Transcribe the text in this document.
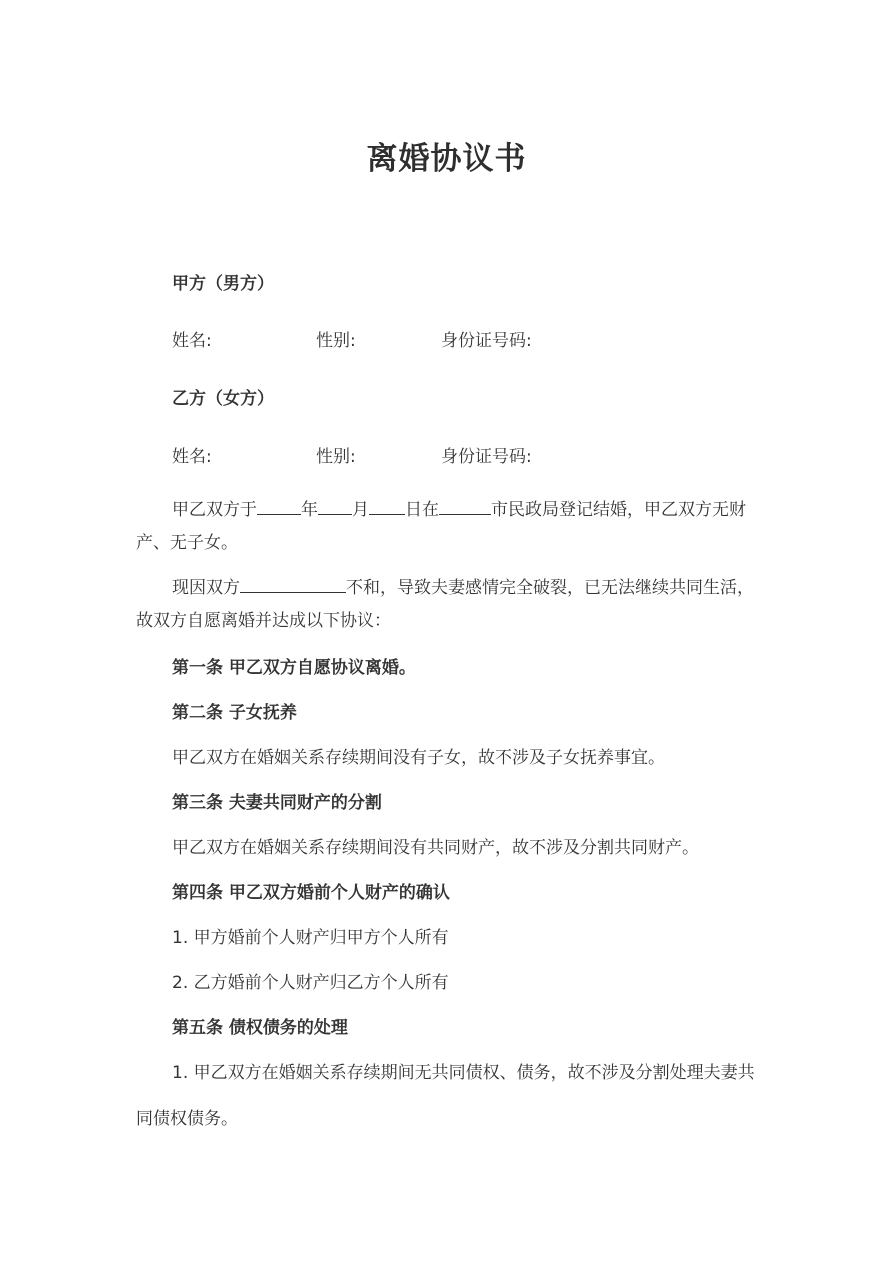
离婚协议书
甲方（男方）
姓名:	性别:	身份证号码:
乙方（女方）
姓名:	性别:	身份证号码:
甲乙双方于	年 月 日在	市民政局登记结婚，甲乙双方无财产、无子女。
现因双方	不和，导致夫妻感情完全破裂，已无法继续共同生活，故双方自愿离婚并达成以下协议：
第一条 甲乙双方自愿协议离婚。
第二条 子女抚养
甲乙双方在婚姻关系存续期间没有子女，故不涉及子女抚养事宜。
第三条 夫妻共同财产的分割
甲乙双方在婚姻关系存续期间没有共同财产，故不涉及分割共同财产。
第四条 甲乙双方婚前个人财产的确认
1. 甲方婚前个人财产归甲方个人所有
2. 乙方婚前个人财产归乙方个人所有
第五条 债权债务的处理
1. 甲乙双方在婚姻关系存续期间无共同债权、债务，故不涉及分割处理夫妻共同债权债务。
